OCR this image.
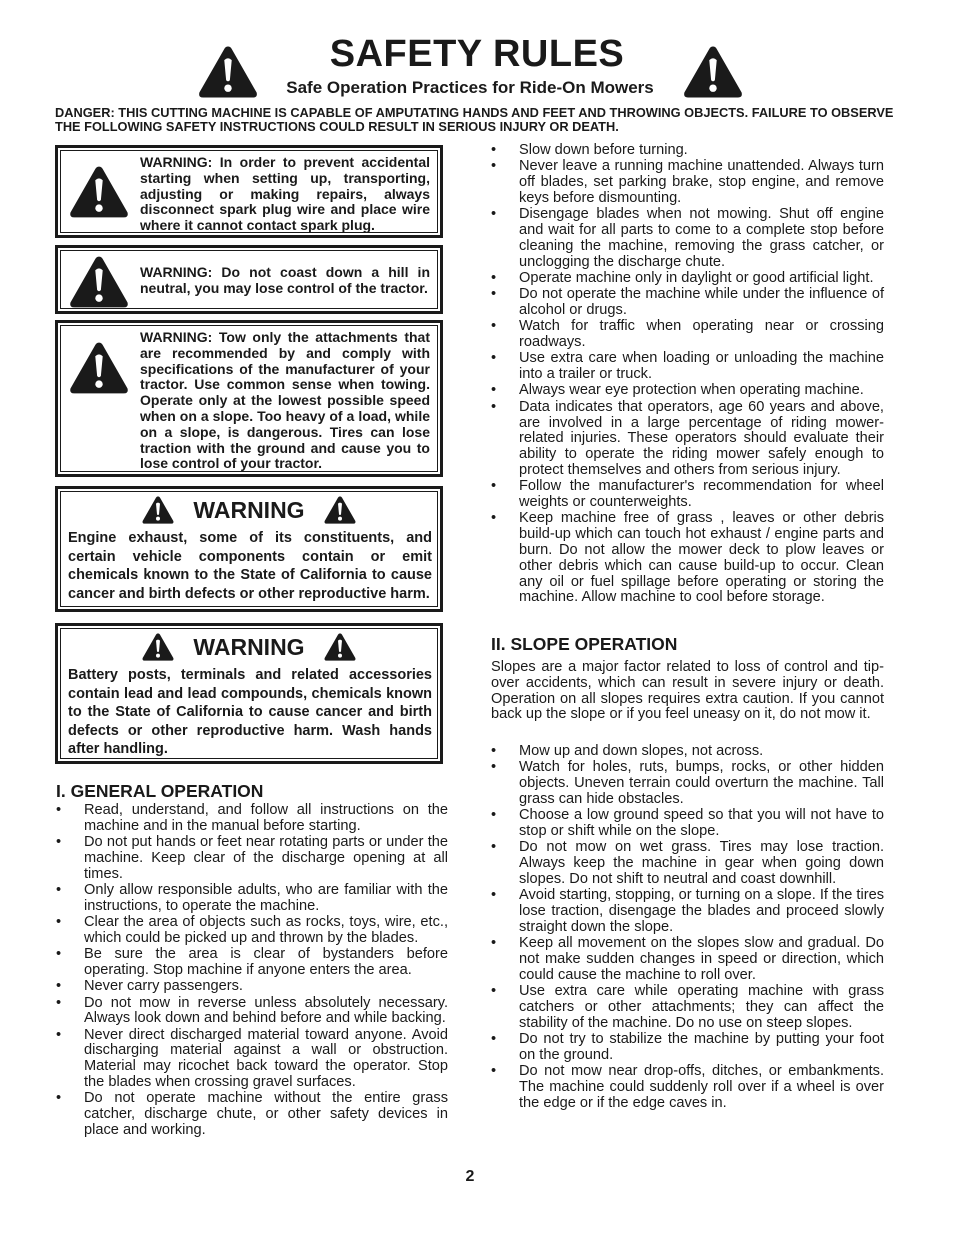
SAFETY RULES
Safe Operation Practices for Ride-On Mowers
DANGER: THIS CUTTING MACHINE IS CAPABLE OF AMPUTATING HANDS AND FEET AND THROWING OBJECTS. FAILURE TO OBSERVE THE FOLLOWING SAFETY INSTRUCTIONS COULD RESULT IN SERIOUS INJURY OR DEATH.
WARNING: In order to prevent accidental starting when setting up, transporting, adjusting or making repairs, always disconnect spark plug wire and place wire where it cannot contact spark plug.
WARNING: Do not coast down a hill in neutral, you may lose control of the tractor.
WARNING: Tow only the attachments that are recommended by and comply with specifications of the manufacturer of your tractor. Use common sense when towing. Operate only at the lowest possible speed when on a slope. Too heavy of a load, while on a slope, is dangerous. Tires can lose traction with the ground and cause you to lose control of your tractor.
WARNING
Engine exhaust, some of its constituents, and certain vehicle components contain or emit chemicals known to the State of California to cause cancer and birth defects or other reproductive harm.
WARNING
Battery posts, terminals and related accessories contain lead and lead compounds, chemicals known to the State of California to cause cancer and birth defects or other reproductive harm. Wash hands after handling.
I. GENERAL OPERATION
• Read, understand, and follow all instructions on the machine and in the manual before starting.
• Do not put hands or feet near rotating parts or under the machine. Keep clear of the discharge opening at all times.
• Only allow responsible adults, who are familiar with the instructions, to operate the machine.
• Clear the area of objects such as rocks, toys, wire, etc., which could be picked up and thrown by the blades.
• Be sure the area is clear of bystanders before operating. Stop machine if anyone enters the area.
• Never carry passengers.
• Do not mow in reverse unless absolutely necessary. Always look down and behind before and while backing.
• Never direct discharged material toward anyone. Avoid discharging material against a wall or obstruction. Material may ricochet back toward the operator. Stop the blades when crossing gravel surfaces.
• Do not operate machine without the entire grass catcher, discharge chute, or other safety devices in place and working.
• Slow down before turning.
• Never leave a running machine unattended. Always turn off blades, set parking brake, stop engine, and remove keys before dismounting.
• Disengage blades when not mowing. Shut off engine and wait for all parts to come to a complete stop before cleaning the machine, removing the grass catcher, or unclogging the discharge chute.
• Operate machine only in daylight or good artificial light.
• Do not operate the machine while under the influence of alcohol or drugs.
• Watch for traffic when operating near or crossing roadways.
• Use extra care when loading or unloading the machine into a trailer or truck.
• Always wear eye protection when operating machine.
• Data indicates that operators, age 60 years and above, are involved in a large percentage of riding mower-related injuries. These operators should evaluate their ability to operate the riding mower safely enough to protect themselves and others from serious injury.
• Follow the manufacturer's recommendation for wheel weights or counterweights.
• Keep machine free of grass , leaves or other debris build-up which can touch hot exhaust / engine parts and burn. Do not allow the mower deck to plow leaves or other debris which can cause build-up to occur. Clean any oil or fuel spillage before operating or storing the machine. Allow machine to cool before storage.
II. SLOPE OPERATION
Slopes are a major factor related to loss of control and tip-over accidents, which can result in severe injury or death. Operation on all slopes requires extra caution. If you cannot back up the slope or if you feel uneasy on it, do not mow it.
• Mow up and down slopes, not across.
• Watch for holes, ruts, bumps, rocks, or other hidden objects. Uneven terrain could overturn the machine. Tall grass can hide obstacles.
• Choose a low ground speed so that you will not have to stop or shift while on the slope.
• Do not mow on wet grass. Tires may lose traction. Always keep the machine in gear when going down slopes. Do not shift to neutral and coast downhill.
• Avoid starting, stopping, or turning on a slope. If the tires lose traction, disengage the blades and proceed slowly straight down the slope.
• Keep all movement on the slopes slow and gradual. Do not make sudden changes in speed or direction, which could cause the machine to roll over.
• Use extra care while operating machine with grass catchers or other attachments; they can affect the stability of the machine. Do no use on steep slopes.
• Do not try to stabilize the machine by putting your foot on the ground.
• Do not mow near drop-offs, ditches, or embankments. The machine could suddenly roll over if a wheel is over the edge or if the edge caves in.
2
